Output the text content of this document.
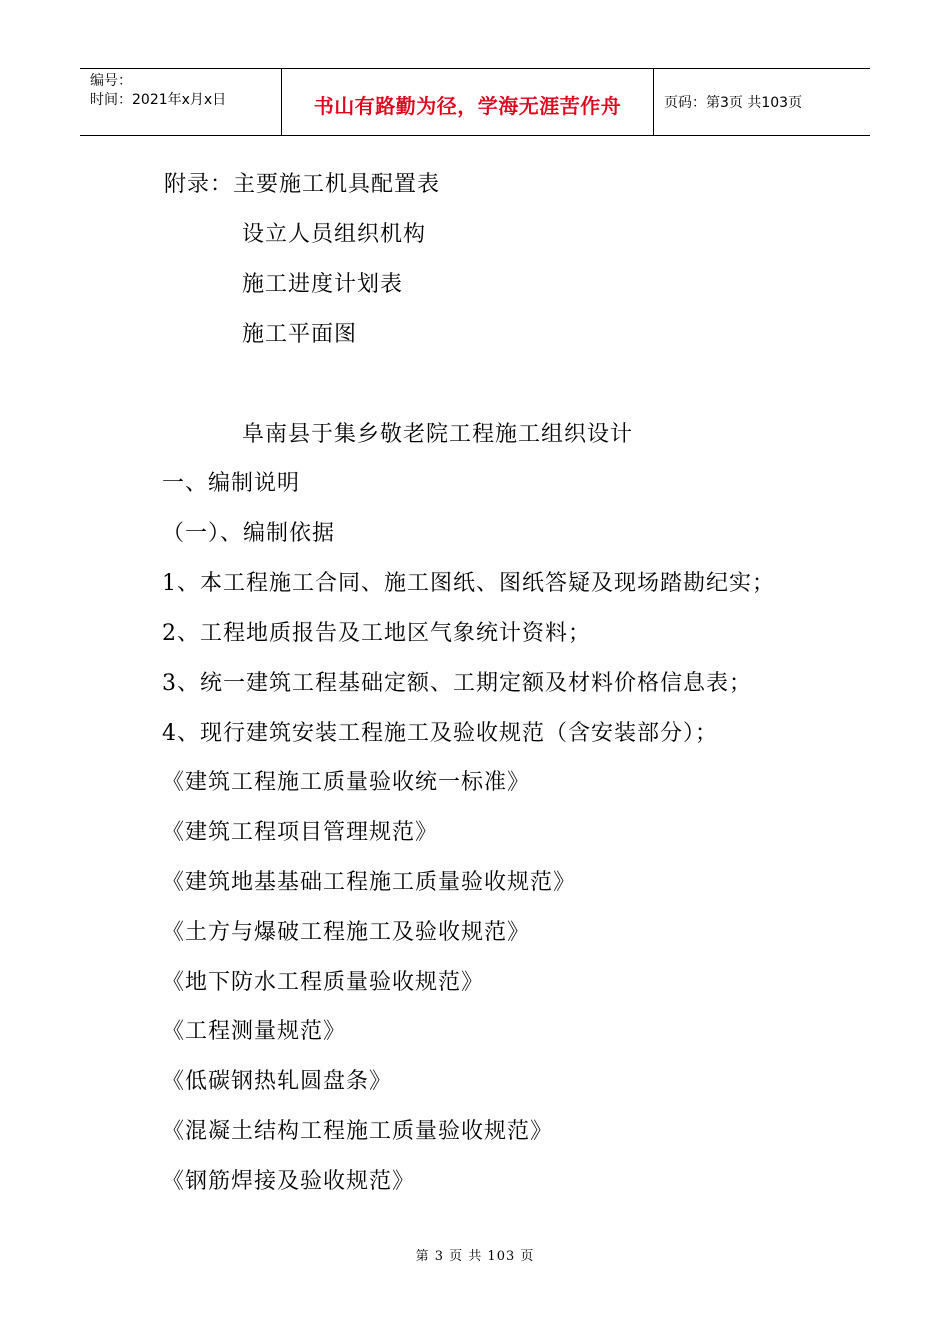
编号：
时间：2021年x月x日	书山有路勤为径，学海无涯苦作舟	页码：第3页 共103页
附录：主要施工机具配置表
设立人员组织机构
施工进度计划表
施工平面图
阜南县于集乡敬老院工程施工组织设计
一、编制说明
（一）、编制依据
1、本工程施工合同、施工图纸、图纸答疑及现场踏勘纪实；
2、工程地质报告及工地区气象统计资料；
3、统一建筑工程基础定额、工期定额及材料价格信息表；
4、现行建筑安装工程施工及验收规范（含安装部分）；
《建筑工程施工质量验收统一标准》
《建筑工程项目管理规范》
《建筑地基基础工程施工质量验收规范》
《土方与爆破工程施工及验收规范》
《地下防水工程质量验收规范》
《工程测量规范》
《低碳钢热轧圆盘条》
《混凝土结构工程施工质量验收规范》
《钢筋焊接及验收规范》
第 3 页 共 103 页
